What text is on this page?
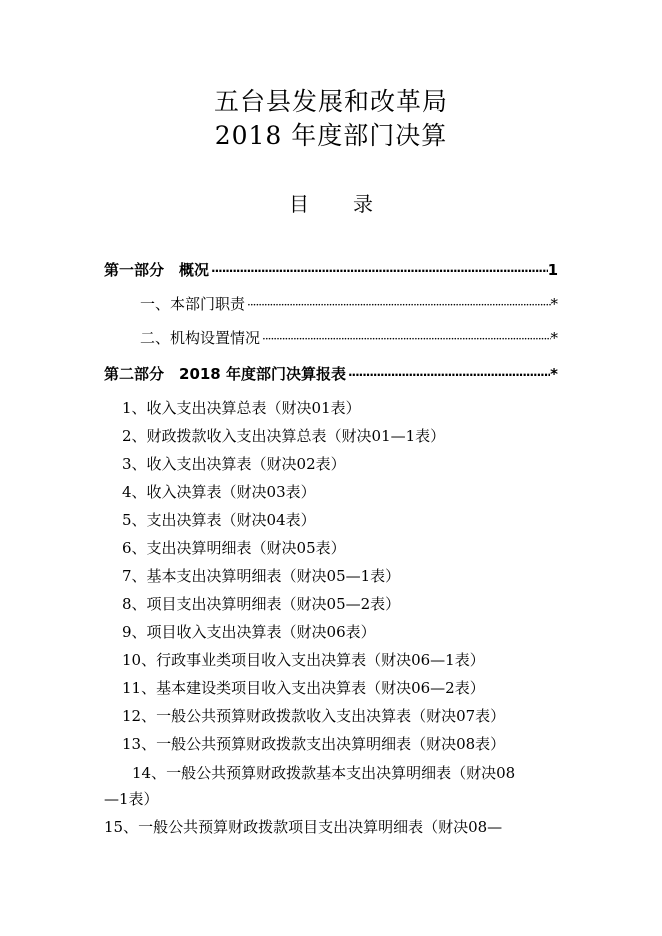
五台县发展和改革局
2018 年度部门决算
目 录
第一部分　概况 ·····	1
一、本部门职责 ·····	*
二、机构设置情况 ·····	*
第二部分　2018 年度部门决算报表 ·····	*
1、收入支出决算总表（财决01表）
2、财政拨款收入支出决算总表（财决01—1表）
3、收入支出决算表（财决02表）
4、收入决算表（财决03表）
5、支出决算表（财决04表）
6、支出决算明细表（财决05表）
7、基本支出决算明细表（财决05—1表）
8、项目支出决算明细表（财决05—2表）
9、项目收入支出决算表（财决06表）
10、行政事业类项目收入支出决算表（财决06—1表）
11、基本建设类项目收入支出决算表（财决06—2表）
12、一般公共预算财政拨款收入支出决算表（财决07表）
13、一般公共预算财政拨款支出决算明细表（财决08表）
14、一般公共预算财政拨款基本支出决算明细表（财决08
—1表）
15、一般公共预算财政拨款项目支出决算明细表（财决08—
